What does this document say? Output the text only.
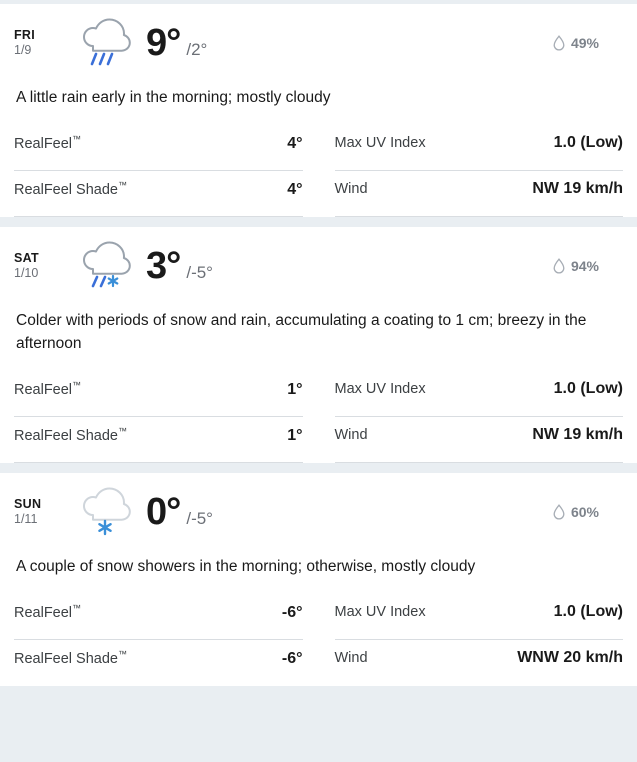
FRI
1/9	9° /2°	49%
A little rain early in the morning; mostly cloudy
RealFeel™	4°
RealFeel Shade™	4°
Max UV Index	1.0 (Low)
Wind	NW 19 km/h
SAT
1/10	3° /-5°	94%
Colder with periods of snow and rain, accumulating a coating to 1 cm; breezy in the afternoon
RealFeel™	1°
RealFeel Shade™	1°
Max UV Index	1.0 (Low)
Wind	NW 19 km/h
SUN
1/11	0° /-5°	60%
A couple of snow showers in the morning; otherwise, mostly cloudy
RealFeel™	-6°
RealFeel Shade™	-6°
Max UV Index	1.0 (Low)
Wind	WNW 20 km/h
